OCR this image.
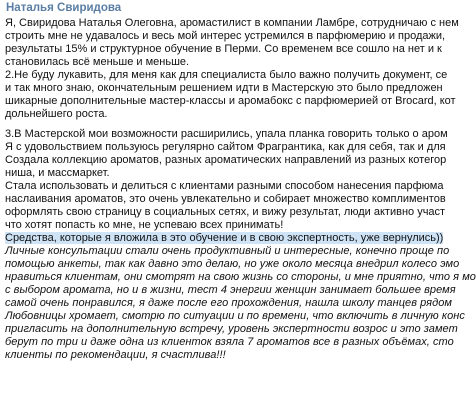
Наталья Свиридова
Я, Свиридова Наталья Олеговна, аромастилист в компании Ламбре, сотрудничаю с нем
строить мне не удавалось и весь мой интерес устремился в парфюмерию и продажи,
результаты 15% и структурное обучение в Перми. Со временем все сошло на нет и к
становилась всё меньше и меньше.
2.Не буду лукавить, для меня как для специалиста было важно получить документ, се
и так много знаю, окончательным решением идти в Мастерскую это было предложен
шикарные дополнительные мастер-классы и аромабокс с парфюмерией от Brocard, кот
дольнейшего роста.
3.В Мастерской мои возможности расширились, упала планка говорить только о аром
Я с удовольствием пользуюсь регулярно сайтом Фрагрантика, как для себя, так и для
Создала коллекцию ароматов, разных ароматических направлений из разных котегор
ниша, и массмаркет.
Стала использовать и делиться с клиентами разными способом нанесения парфюма
наслаивания ароматов, это очень увлекательно и собирает множество комплиментов
оформлять свою страницу в социальных сетях, и вижу результат, люди активно участ
что хотят попасть ко мне, не успеваю всех принимать!
Средства, которые я вложила в это обучение и в свою экспертность, уже вернулись))
Личные консультации стали очень продуктивный и интересные, конечно проще по
помощью анкеты, так как давно это делаю, но уже около месяца внедрил колесо эмо
нравиться клиентам, они смотрят на свою жизнь со стороны, и мне приятно, что я мо
с выбором аромата, но и в жизни, тест 4 энергии женщин занимает большее время
самой очень понравился, я даже после его прохождения, нашла школу танцев рядом
Любовницы хромает, смотрю по ситуации и по времени, что включить в личную конс
пригласить на дополнительную встречу, уровень экспертности возрос и это замет
берут по три и даже одна из клиенток взяла 7 ароматов все в разных объёмах, сто
клиенты по рекомендации, я счастлива!!!
